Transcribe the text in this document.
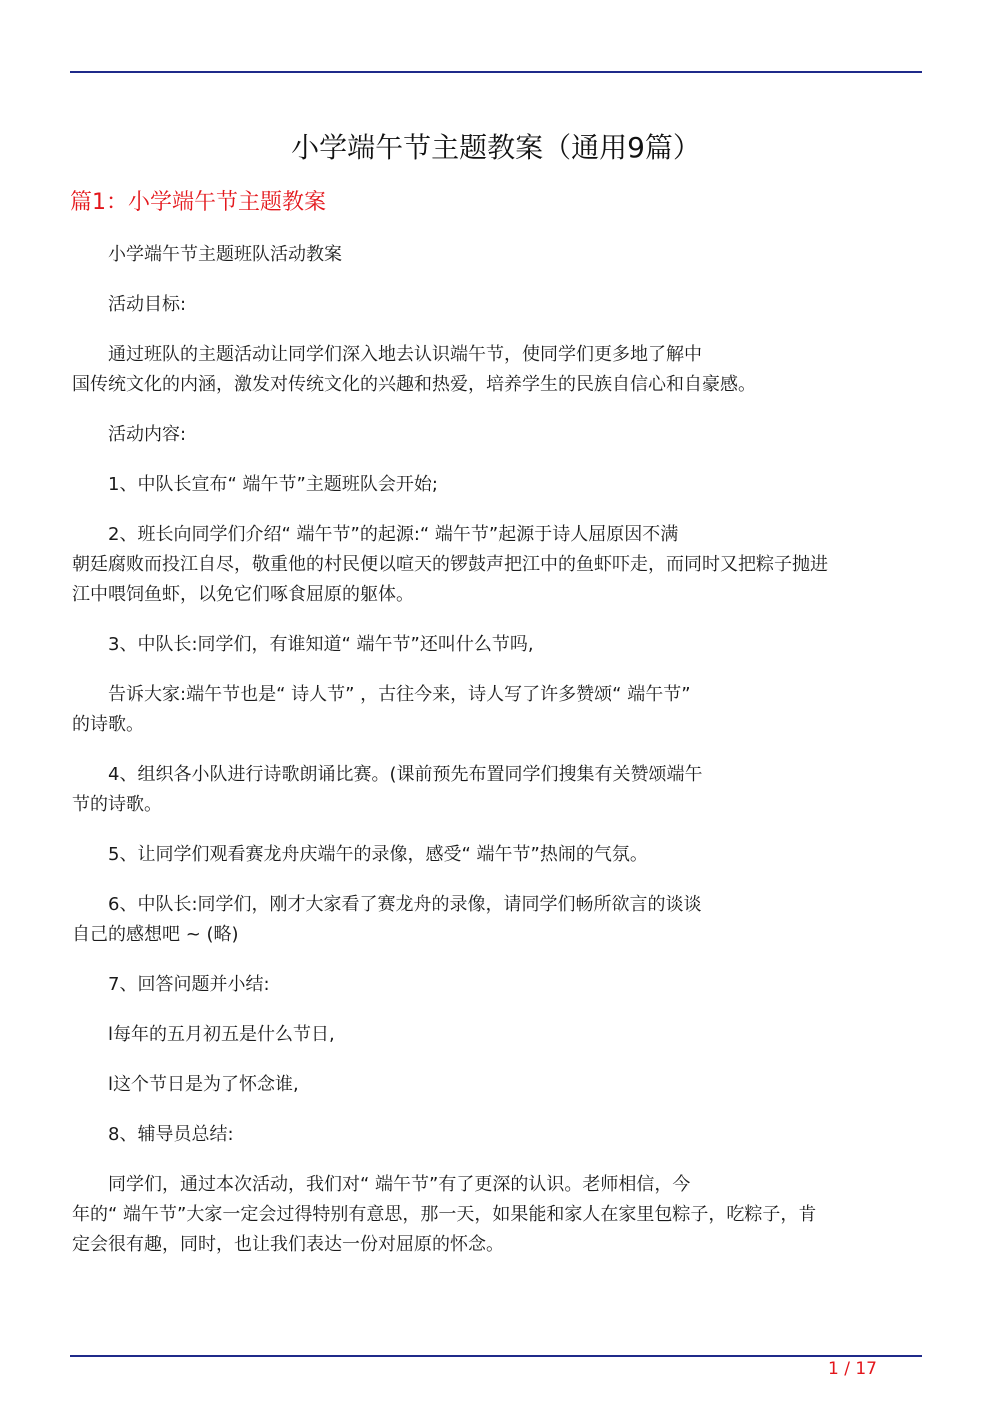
小学端午节主题教案（通用9篇）
篇1：小学端午节主题教案

小学端午节主题班队活动教案

活动目标:

通过班队的主题活动让同学们深入地去认识端午节，使同学们更多地了解中
国传统文化的内涵，激发对传统文化的兴趣和热爱，培养学生的民族自信心和自豪感。

活动内容:

1、中队长宣布“ 端午节”主题班队会开始;

2、班长向同学们介绍“ 端午节”的起源:“ 端午节”起源于诗人屈原因不满
朝廷腐败而投江自尽，敬重他的村民便以喧天的锣鼓声把江中的鱼虾吓走，而同时又把粽子抛进
江中喂饲鱼虾，以免它们啄食屈原的躯体。

3、中队长:同学们，有谁知道“ 端午节”还叫什么节吗,

告诉大家:端午节也是“ 诗人节” ，古往今来，诗人写了许多赞颂“ 端午节”
的诗歌。

4、组织各小队进行诗歌朗诵比赛。(课前预先布置同学们搜集有关赞颂端午
节的诗歌。

5、让同学们观看赛龙舟庆端午的录像，感受“ 端午节”热闹的气氛。

6、中队长:同学们，刚才大家看了赛龙舟的录像，请同学们畅所欲言的谈谈
自己的感想吧 ~ (略)

7、回答问题并小结:

l每年的五月初五是什么节日,

l这个节日是为了怀念谁,

8、辅导员总结:

同学们，通过本次活动，我们对“ 端午节”有了更深的认识。老师相信，今
年的“ 端午节”大家一定会过得特别有意思，那一天，如果能和家人在家里包粽子，吃粽子，肯
定会很有趣，同时，也让我们表达一份对屈原的怀念。

1 / 17
